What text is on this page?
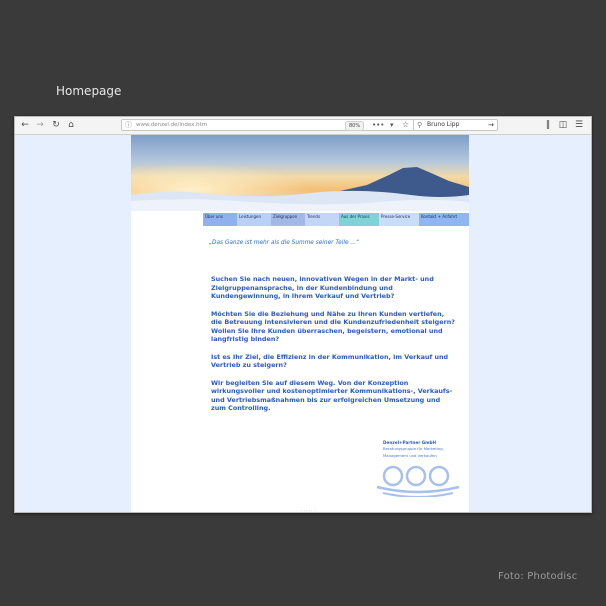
Homepage
Foto: Photodisc
← → ↻ ⌂	ⓘ www.denzel.de/index.htm	80%	••• ▾ ☆ ⚲ Bruno Lipp	→	‖ ◫ ☰
Über uns	Leistungen	Zielgruppen	Trends	Aus der Praxis	Presse-Service	Kontakt + Anfahrt
„Das Ganze ist mehr als die Summe seiner Teile ...“

Suchen Sie nach neuen, innovativen Wegen in der Markt- und Zielgruppenansprache, in der Kundenbindung und Kundengewinnung, in Ihrem Verkauf und Vertrieb?

Möchten Sie die Beziehung und Nähe zu Ihren Kunden vertiefen, die Betreuung intensivieren und die Kundenzufriedenheit steigern? Wollen Sie Ihre Kunden überraschen, begeistern, emotional und langfristig binden?

Ist es Ihr Ziel, die Effizienz in der Kommunikation, im Verkauf und Vertrieb zu steigern?

Wir begleiten Sie auf diesem Weg. Von der Konzeption wirkungsvoller und kostenoptimierter Kommunikations-, Verkaufs- und Vertriebsmaßnahmen bis zur erfolgreichen Umsetzung und zum Controlling.

Denzel+Partner GmbH
Beratungsgruppe für Marketing,
Management und Verkaufen
. . . . . .
